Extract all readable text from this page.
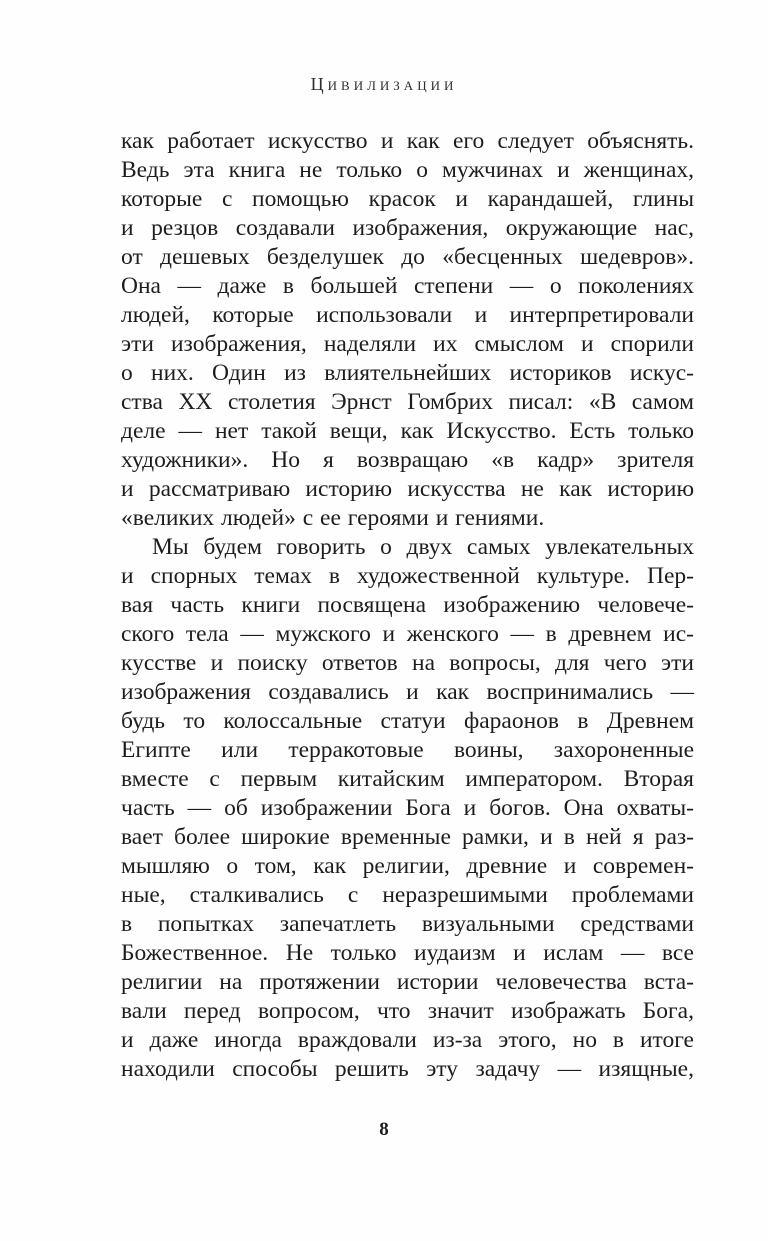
Цивилизации
как работает искусство и как его следует объяснять.
Ведь эта книга не только о мужчинах и женщинах,
которые с помощью красок и карандашей, глины
и резцов создавали изображения, окружающие нас,
от дешевых безделушек до «бесценных шедевров».
Она — даже в большей степени — о поколениях
людей, которые использовали и интерпретировали
эти изображения, наделяли их смыслом и спорили
о них. Один из влиятельнейших историков искус-
ства XX столетия Эрнст Гомбрих писал: «В самом
деле — нет такой вещи, как Искусство. Есть только
художники». Но я возвращаю «в кадр» зрителя
и рассматриваю историю искусства не как историю
«великих людей» с ее героями и гениями.
Мы будем говорить о двух самых увлекательных
и спорных темах в художественной культуре. Пер-
вая часть книги посвящена изображению человече-
ского тела — мужского и женского — в древнем ис-
кусстве и поиску ответов на вопросы, для чего эти
изображения создавались и как воспринимались —
будь то колоссальные статуи фараонов в Древнем
Египте или терракотовые воины, захороненные
вместе с первым китайским императором. Вторая
часть — об изображении Бога и богов. Она охваты-
вает более широкие временные рамки, и в ней я раз-
мышляю о том, как религии, древние и современ-
ные, сталкивались с неразрешимыми проблемами
в попытках запечатлеть визуальными средствами
Божественное. Не только иудаизм и ислам — все
религии на протяжении истории человечества вста-
вали перед вопросом, что значит изображать Бога,
и даже иногда враждовали из-за этого, но в итоге
находили способы решить эту задачу — изящные,
8
